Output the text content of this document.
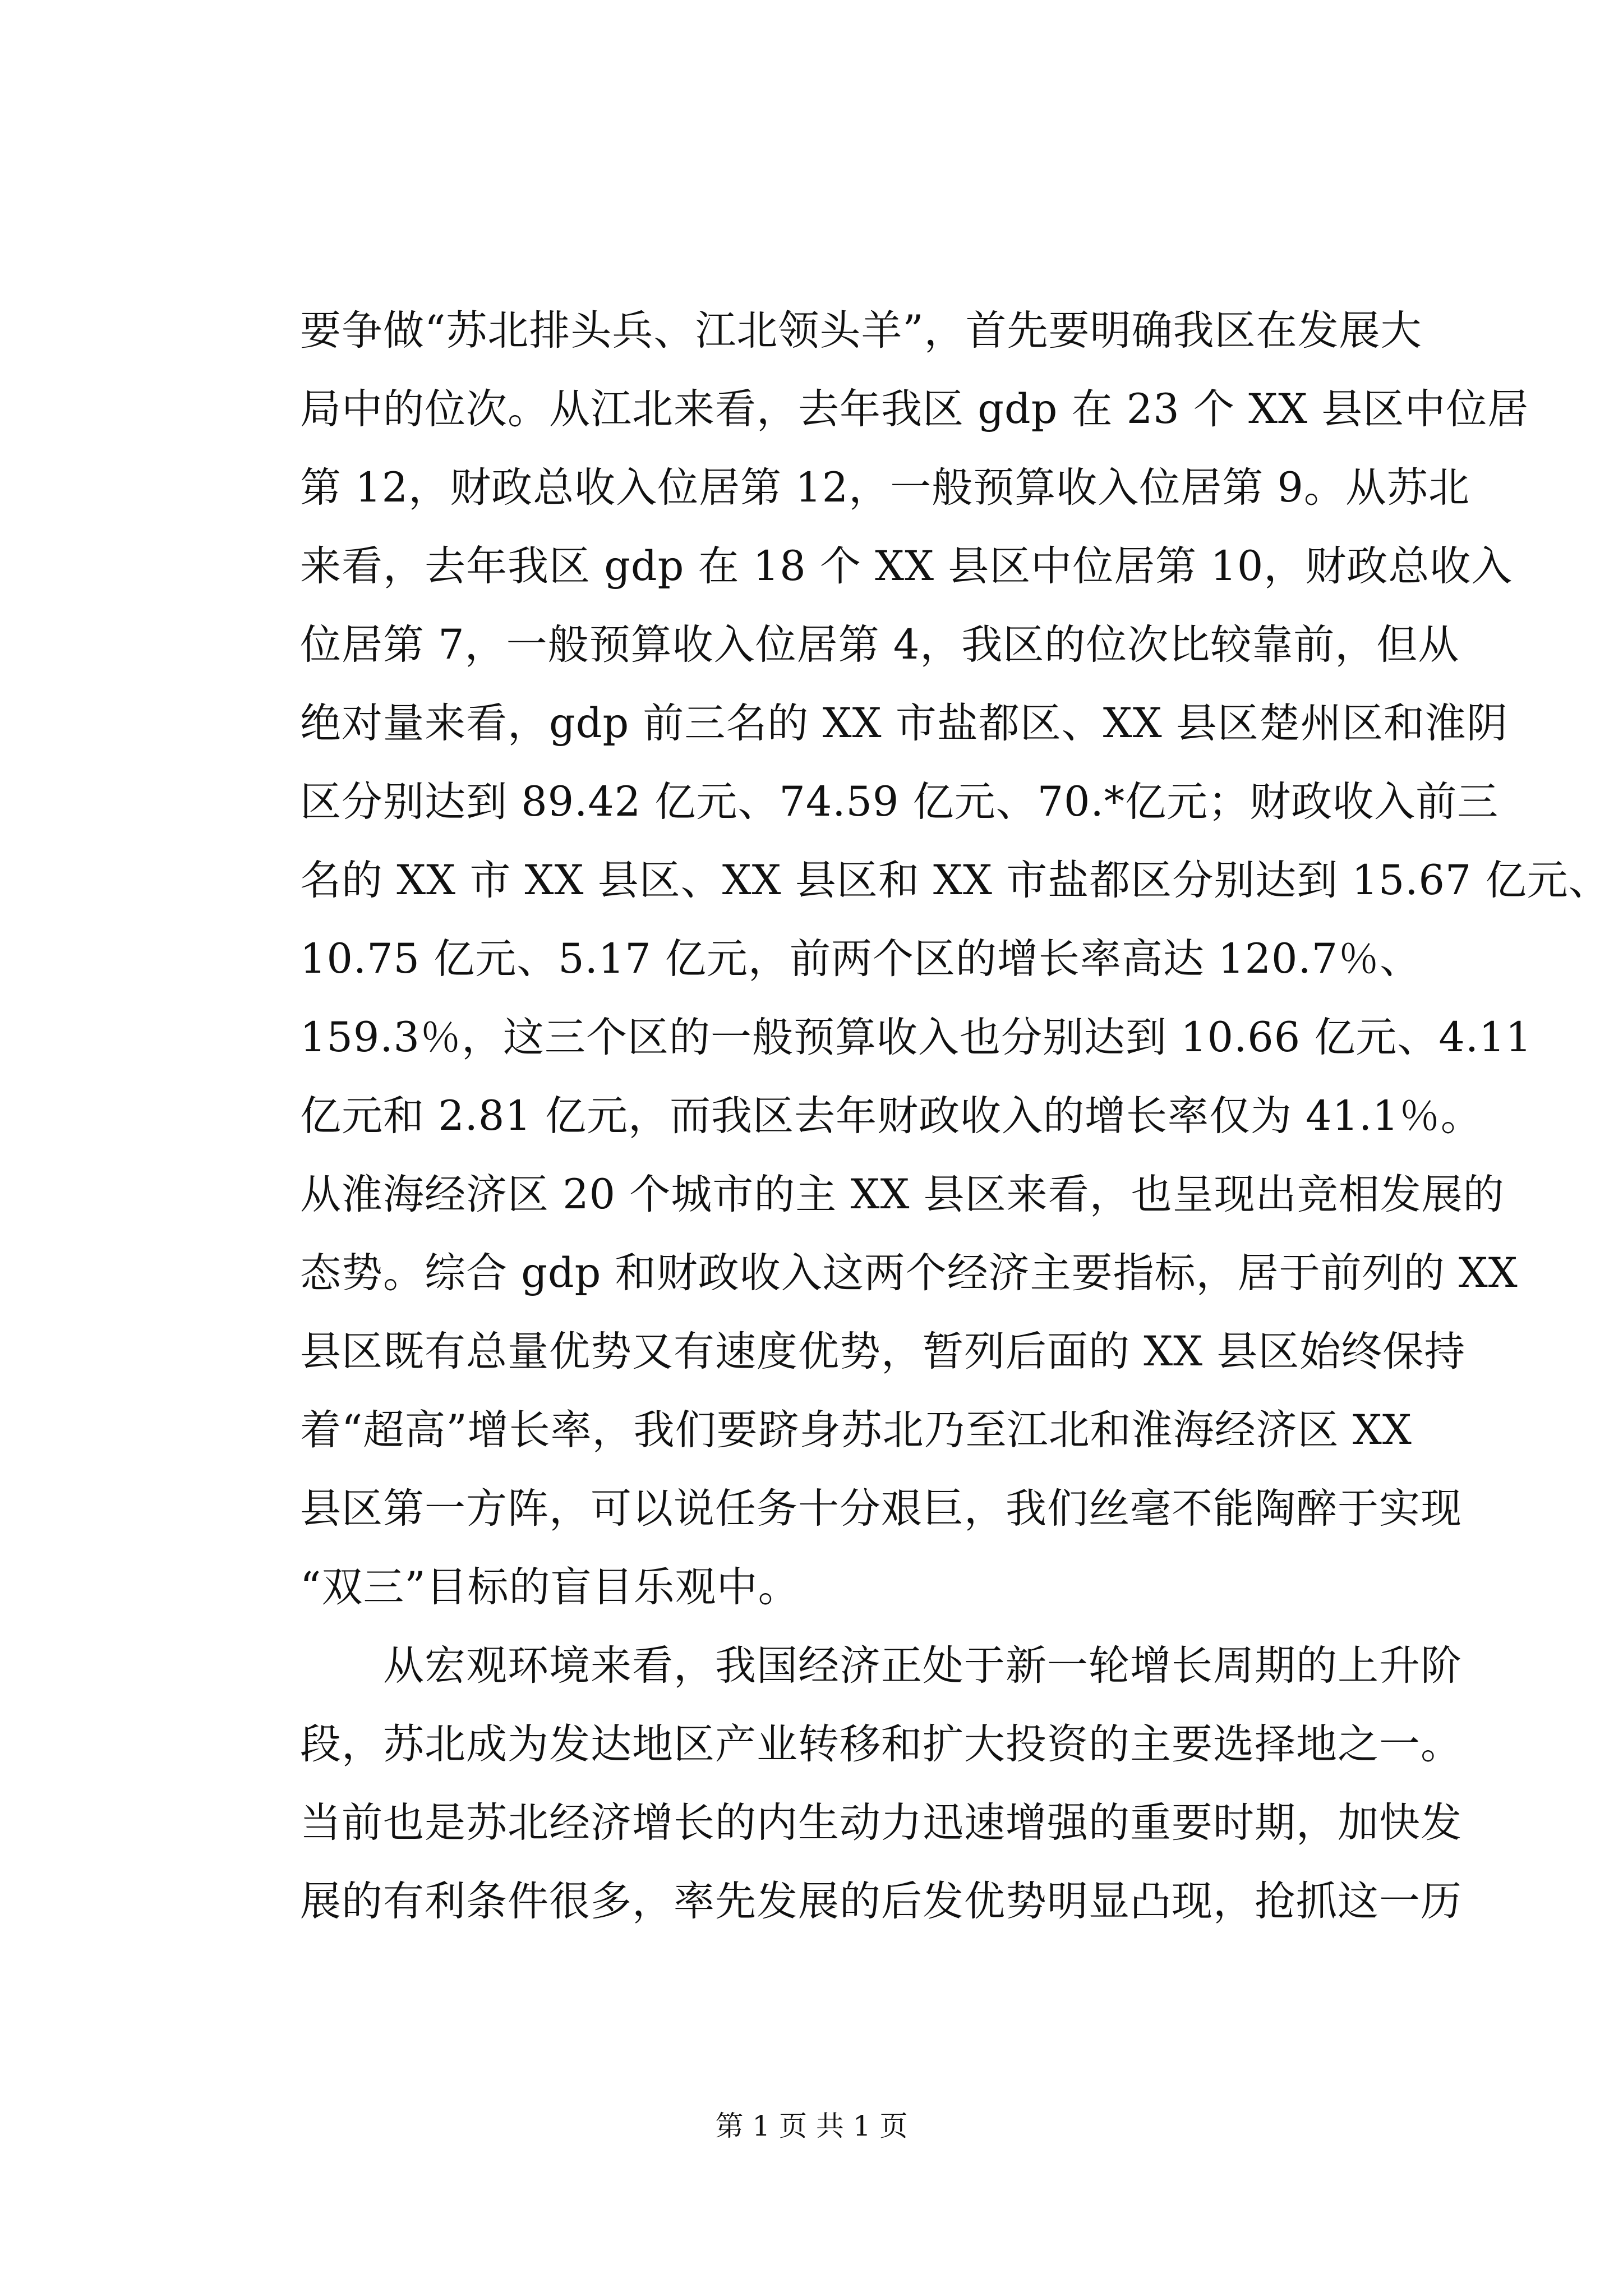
要争做“苏北排头兵、江北领头羊”，首先要明确我区在发展大
局中的位次。从江北来看，去年我区 gdp 在 23 个 XX 县区中位居
第 12，财政总收入位居第 12，一般预算收入位居第 9。从苏北
来看，去年我区 gdp 在 18 个 XX 县区中位居第 10，财政总收入
位居第 7，一般预算收入位居第 4，我区的位次比较靠前，但从
绝对量来看，gdp 前三名的 XX 市盐都区、XX 县区楚州区和淮阴
区分别达到 89.42 亿元、74.59 亿元、70.*亿元；财政收入前三
名的 XX 市 XX 县区、XX 县区和 XX 市盐都区分别达到 15.67 亿元、
10.75 亿元、5.17 亿元，前两个区的增长率高达 120.7％、
159.3％，这三个区的一般预算收入也分别达到 10.66 亿元、4.11
亿元和 2.81 亿元，而我区去年财政收入的增长率仅为 41.1％。
从淮海经济区 20 个城市的主 XX 县区来看，也呈现出竞相发展的
态势。综合 gdp 和财政收入这两个经济主要指标，居于前列的 XX
县区既有总量优势又有速度优势，暂列后面的 XX 县区始终保持
着“超高”增长率，我们要跻身苏北乃至江北和淮海经济区 XX
县区第一方阵，可以说任务十分艰巨，我们丝毫不能陶醉于实现
“双三”目标的盲目乐观中。
　　从宏观环境来看，我国经济正处于新一轮增长周期的上升阶
段，苏北成为发达地区产业转移和扩大投资的主要选择地之一。
当前也是苏北经济增长的内生动力迅速增强的重要时期，加快发
展的有利条件很多，率先发展的后发优势明显凸现，抢抓这一历
第 1 页 共 1 页
